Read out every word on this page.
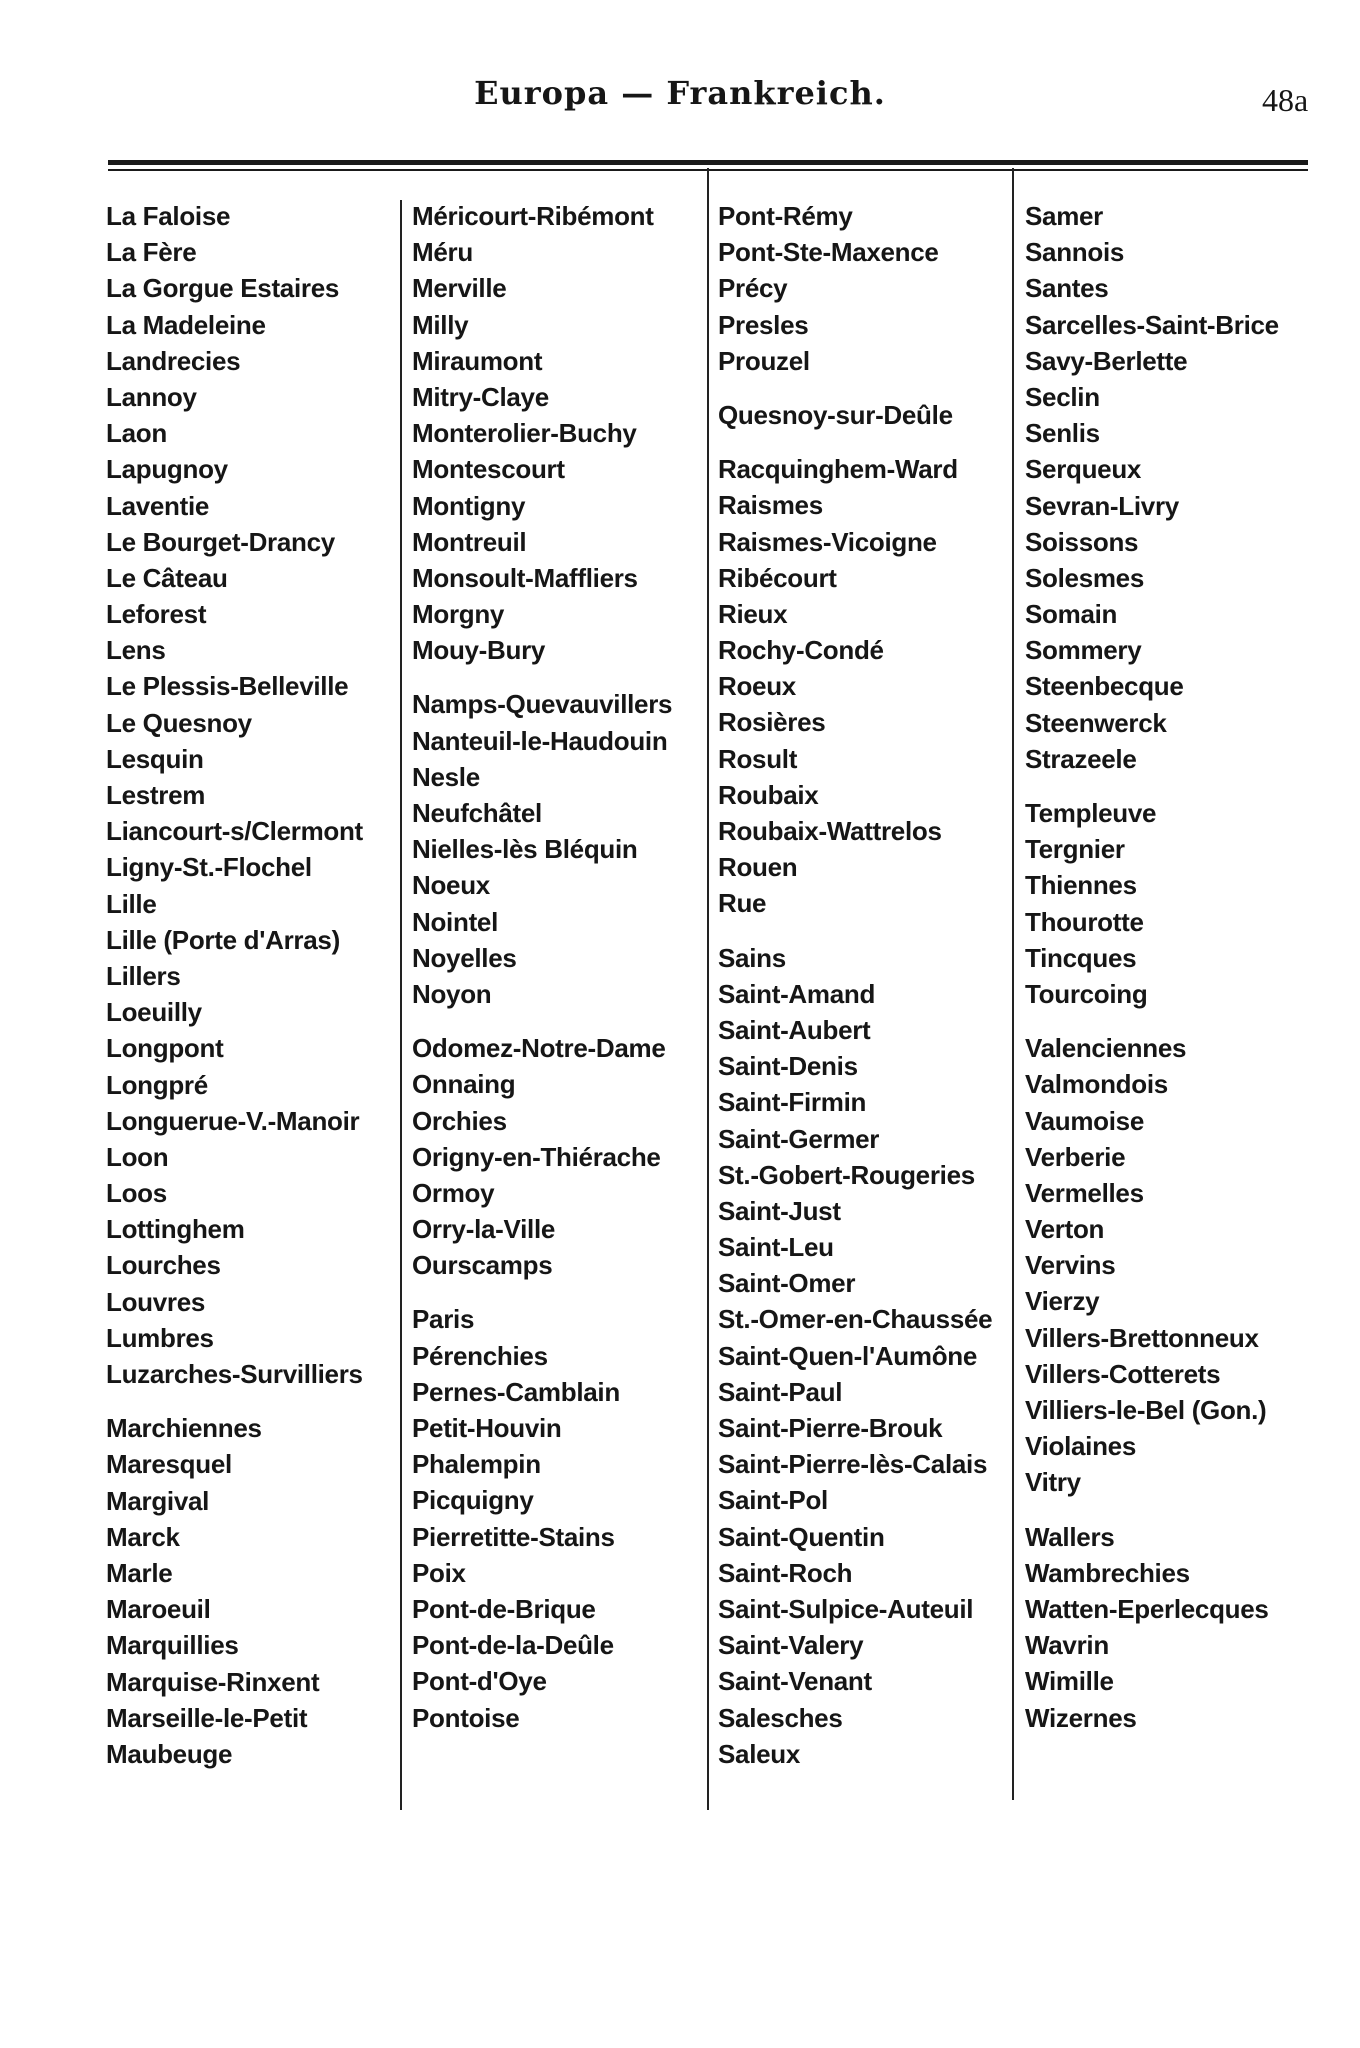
Europa — Frankreich.	48a
La Faloise
La Fère
La Gorgue Estaires
La Madeleine
Landrecies
Lannoy
Laon
Lapugnoy
Laventie
Le Bourget-Drancy
Le Câteau
Leforest
Lens
Le Plessis-Belleville
Le Quesnoy
Lesquin
Lestrem
Liancourt-s/Clermont
Ligny-St.-Flochel
Lille
Lille (Porte d'Arras)
Lillers
Loeuilly
Longpont
Longpré
Longuerue-V.-Manoir
Loon
Loos
Lottinghem
Lourches
Louvres
Lumbres
Luzarches-Survilliers
Marchiennes
Maresquel
Margival
Marck
Marle
Maroeuil
Marquillies
Marquise-Rinxent
Marseille-le-Petit
Maubeuge
Méricourt-Ribémont
Méru
Merville
Milly
Miraumont
Mitry-Claye
Monterolier-Buchy
Montescourt
Montigny
Montreuil
Monsoult-Maffliers
Morgny
Mouy-Bury
Namps-Quevauvillers
Nanteuil-le-Haudouin
Nesle
Neufchâtel
Nielles-lès Bléquin
Noeux
Nointel
Noyelles
Noyon
Odomez-Notre-Dame
Onnaing
Orchies
Origny-en-Thiérache
Ormoy
Orry-la-Ville
Ourscamps
Paris
Pérenchies
Pernes-Camblain
Petit-Houvin
Phalempin
Picquigny
Pierretitte-Stains
Poix
Pont-de-Brique
Pont-de-la-Deûle
Pont-d'Oye
Pontoise
Pont-Rémy
Pont-Ste-Maxence
Précy
Presles
Prouzel
Quesnoy-sur-Deûle
Racquinghem-Ward
Raismes
Raismes-Vicoigne
Ribécourt
Rieux
Rochy-Condé
Roeux
Rosières
Rosult
Roubaix
Roubaix-Wattrelos
Rouen
Rue
Sains
Saint-Amand
Saint-Aubert
Saint-Denis
Saint-Firmin
Saint-Germer
St.-Gobert-Rougeries
Saint-Just
Saint-Leu
Saint-Omer
St.-Omer-en-Chaussée
Saint-Quen-l'Aumône
Saint-Paul
Saint-Pierre-Brouk
Saint-Pierre-lès-Calais
Saint-Pol
Saint-Quentin
Saint-Roch
Saint-Sulpice-Auteuil
Saint-Valery
Saint-Venant
Salesches
Saleux
Samer
Sannois
Santes
Sarcelles-Saint-Brice
Savy-Berlette
Seclin
Senlis
Serqueux
Sevran-Livry
Soissons
Solesmes
Somain
Sommery
Steenbecque
Steenwerck
Strazeele
Templeuve
Tergnier
Thiennes
Thourotte
Tincques
Tourcoing
Valenciennes
Valmondois
Vaumoise
Verberie
Vermelles
Verton
Vervins
Vierzy
Villers-Brettonneux
Villers-Cotterets
Villiers-le-Bel (Gon.)
Violaines
Vitry
Wallers
Wambrechies
Watten-Eperlecques
Wavrin
Wimille
Wizernes
